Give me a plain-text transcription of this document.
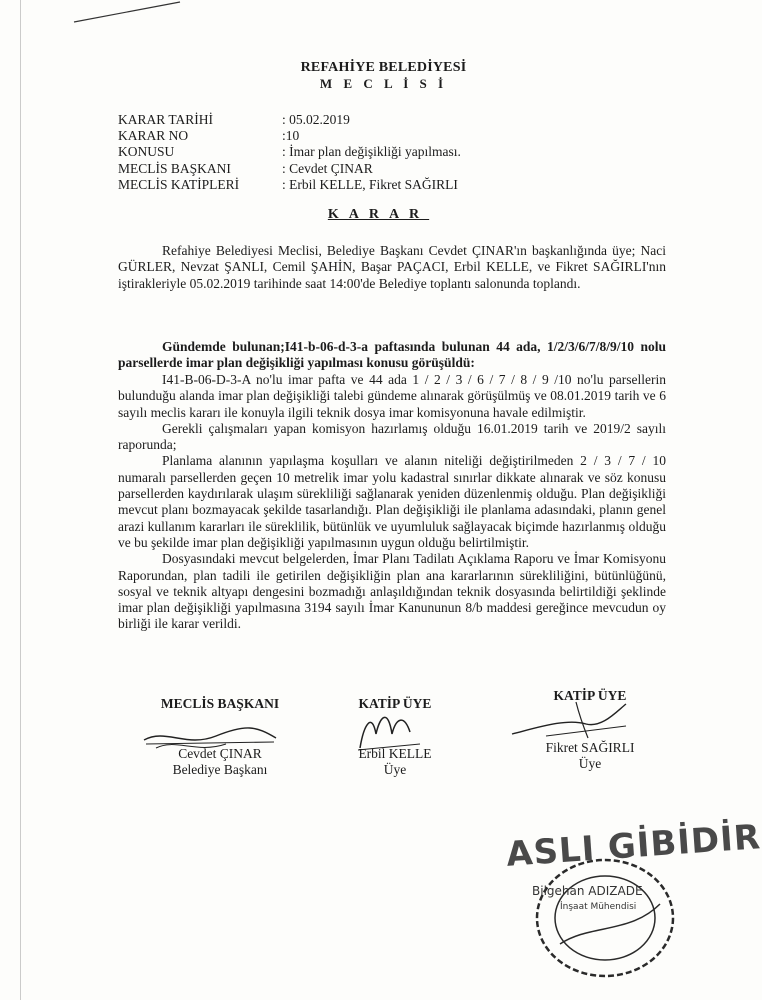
REFAHİYE BELEDİYESİ
M E C L İ S İ
KARAR TARİHİ	: 05.02.2019
KARAR NO	:10
KONUSU	: İmar plan değişikliği yapılması.
MECLİS BAŞKANI	: Cevdet ÇINAR
MECLİS KATİPLERİ	: Erbil KELLE, Fikret SAĞIRLI
KARAR
Refahiye Belediyesi Meclisi, Belediye Başkanı Cevdet ÇINAR'ın başkanlığında üye; Naci GÜRLER, Nevzat ŞANLI, Cemil ŞAHİN, Başar PAÇACI, Erbil KELLE, ve Fikret SAĞIRLI'nın iştirakleriyle 05.02.2019 tarihinde saat 14:00'de Belediye toplantı salonunda toplandı.
Gündemde bulunan;I41-b-06-d-3-a paftasında bulunan 44 ada, 1/2/3/6/7/8/9/10 nolu parsellerde imar plan değişikliği yapılması konusu görüşüldü:
I41-B-06-D-3-A no'lu imar pafta ve 44 ada 1 / 2 / 3 / 6 / 7 / 8 / 9 /10 no'lu parsellerin bulunduğu alanda imar plan değişikliği talebi gündeme alınarak görüşülmüş ve 08.01.2019 tarih ve 6 sayılı meclis kararı ile konuyla ilgili teknik dosya imar komisyonuna havale edilmiştir.
Gerekli çalışmaları yapan komisyon hazırlamış olduğu 16.01.2019 tarih ve 2019/2 sayılı raporunda;
Planlama alanının yapılaşma koşulları ve alanın niteliği değiştirilmeden 2 / 3 / 7 / 10 numaralı parsellerden geçen 10 metrelik imar yolu kadastral sınırlar dikkate alınarak ve söz konusu parsellerden kaydırılarak ulaşım sürekliliği sağlanarak yeniden düzenlenmiş olduğu. Plan değişikliği mevcut planı bozmayacak şekilde tasarlandığı. Plan değişikliği ile planlama adasındaki, planın genel arazi kullanım kararları ile süreklilik, bütünlük ve uyumluluk sağlayacak biçimde hazırlanmış olduğu ve bu şekilde imar plan değişikliği yapılmasının uygun olduğu belirtilmiştir.
Dosyasındaki mevcut belgelerden, İmar Planı Tadilatı Açıklama Raporu ve İmar Komisyonu Raporundan, plan tadili ile getirilen değişikliğin plan ana kararlarının sürekliliğini, bütünlüğünü, sosyal ve teknik altyapı dengesini bozmadığı anlaşıldığından teknik dosyasında belirtildiği şeklinde imar plan değişikliği yapılmasına 3194 sayılı İmar Kanununun 8/b maddesi gereğince mevcudun oy birliği ile karar verildi.
MECLİS BAŞKANI
Cevdet ÇINAR
Belediye Başkanı
KATİP ÜYE
Erbil KELLE
Üye
KATİP ÜYE
Fikret SAĞIRLI
Üye
ASLI GİBİDİR
Bilgehan ADIZADE
İnşaat Mühendisi
